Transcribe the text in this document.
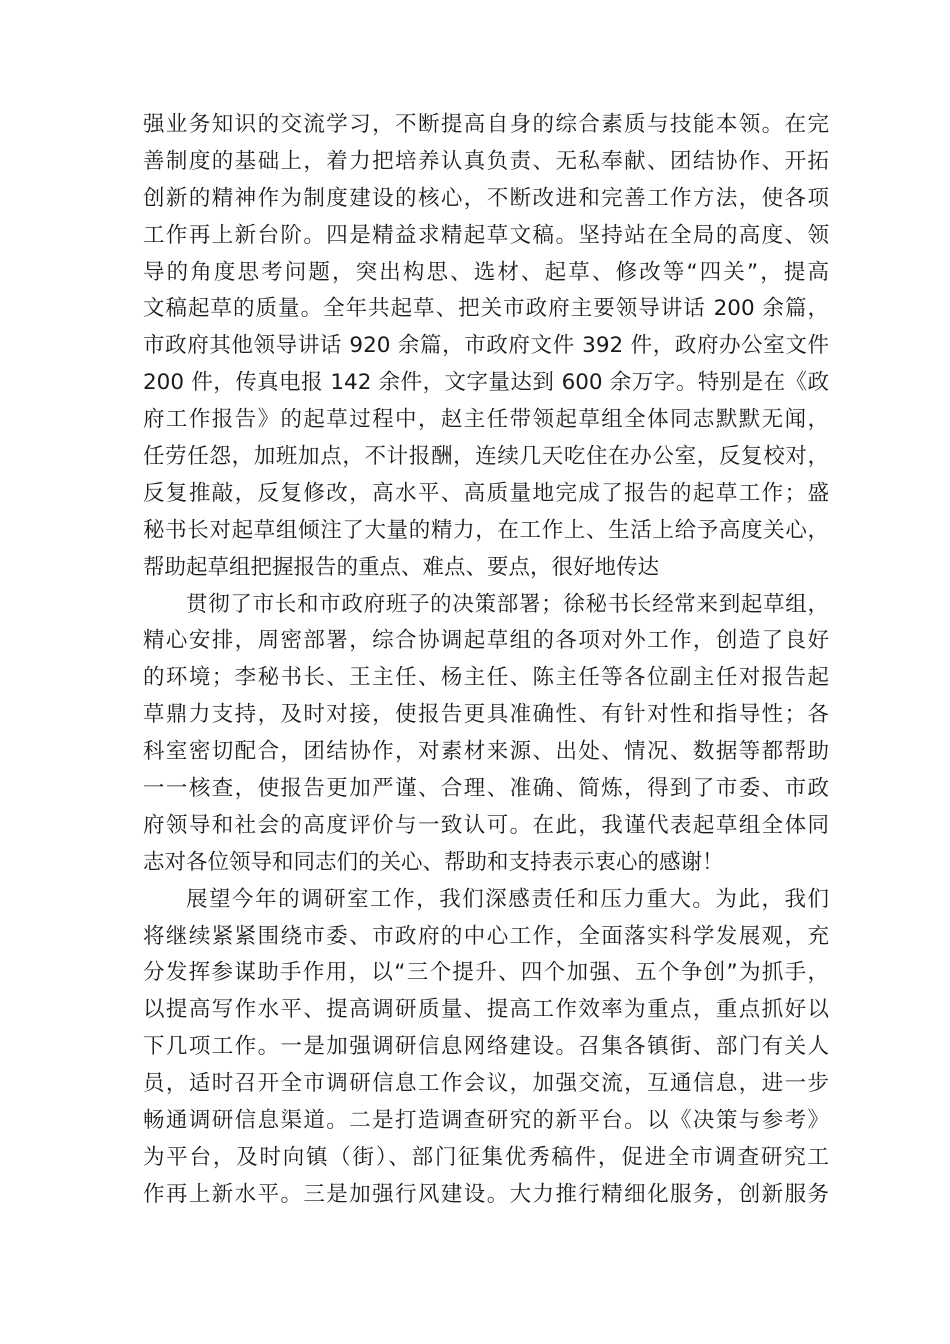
强业务知识的交流学习，不断提高自身的综合素质与技能本领。在完
善制度的基础上，着力把培养认真负责、无私奉献、团结协作、开拓
创新的精神作为制度建设的核心，不断改进和完善工作方法，使各项
工作再上新台阶。四是精益求精起草文稿。坚持站在全局的高度、领
导的角度思考问题，突出构思、选材、起草、修改等“四关”，提高
文稿起草的质量。全年共起草、把关市政府主要领导讲话 200 余篇，
市政府其他领导讲话 920 余篇，市政府文件 392 件，政府办公室文件
200 件，传真电报 142 余件，文字量达到 600 余万字。特别是在《政
府工作报告》的起草过程中，赵主任带领起草组全体同志默默无闻，
任劳任怨，加班加点，不计报酬，连续几天吃住在办公室，反复校对，
反复推敲，反复修改，高水平、高质量地完成了报告的起草工作；盛
秘书长对起草组倾注了大量的精力，在工作上、生活上给予高度关心，
帮助起草组把握报告的重点、难点、要点，很好地传达

贯彻了市长和市政府班子的决策部署；徐秘书长经常来到起草组，
精心安排，周密部署，综合协调起草组的各项对外工作，创造了良好
的环境；李秘书长、王主任、杨主任、陈主任等各位副主任对报告起
草鼎力支持，及时对接，使报告更具准确性、有针对性和指导性；各
科室密切配合，团结协作，对素材来源、出处、情况、数据等都帮助
一一核查，使报告更加严谨、合理、准确、简炼，得到了市委、市政
府领导和社会的高度评价与一致认可。在此，我谨代表起草组全体同
志对各位领导和同志们的关心、帮助和支持表示衷心的感谢！

展望今年的调研室工作，我们深感责任和压力重大。为此，我们
将继续紧紧围绕市委、市政府的中心工作，全面落实科学发展观，充
分发挥参谋助手作用，以“三个提升、四个加强、五个争创”为抓手，
以提高写作水平、提高调研质量、提高工作效率为重点，重点抓好以
下几项工作。一是加强调研信息网络建设。召集各镇街、部门有关人
员，适时召开全市调研信息工作会议，加强交流，互通信息，进一步
畅通调研信息渠道。二是打造调查研究的新平台。以《决策与参考》
为平台，及时向镇（街）、部门征集优秀稿件，促进全市调查研究工
作再上新水平。三是加强行风建设。大力推行精细化服务，创新服务
